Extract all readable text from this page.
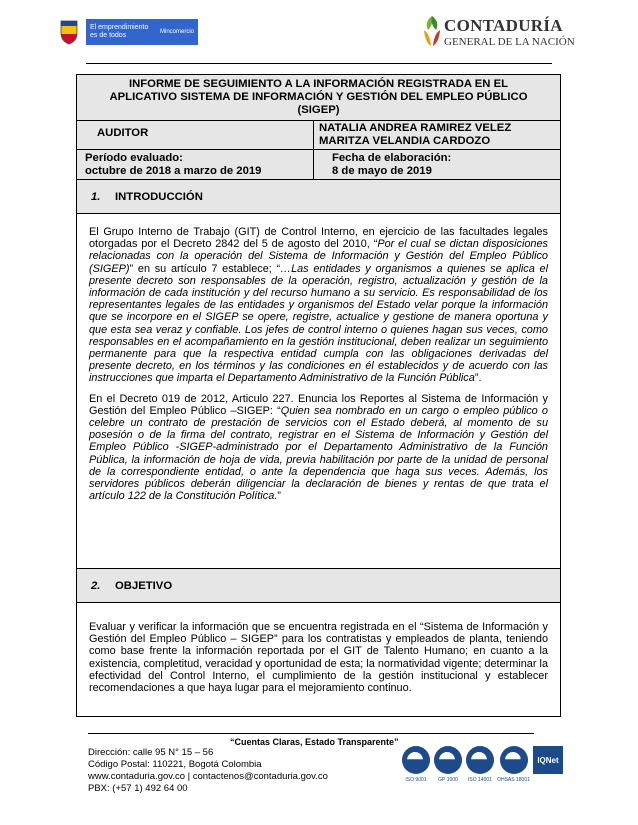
El emprendimiento
es de todos	Mincomercio	CONTADURÍA
GENERAL DE LA NACIÓN
INFORME DE SEGUIMIENTO A LA INFORMACIÓN REGISTRADA EN EL
APLICATIVO SISTEMA DE INFORMACIÓN Y GESTIÓN DEL EMPLEO PÚBLICO
(SIGEP)
AUDITOR	NATALIA ANDREA RAMIREZ VELEZ
MARITZA VELANDIA CARDOZO
Período evaluado:
octubre de 2018 a marzo de 2019
Fecha de elaboración:
8 de mayo de 2019
1.	INTRODUCCIÓN

El Grupo Interno de Trabajo (GIT) de Control Interno, en ejercicio de las facultades legales otorgadas por el Decreto 2842 del 5 de agosto del 2010, “Por el cual se dictan disposiciones relacionadas con la operación del Sistema de Información y Gestión del Empleo Público (SIGEP)” en su artículo 7 establece; “…Las entidades y organismos a quienes se aplica el presente decreto son responsables de la operación, registro, actualización y gestión de la información de cada institución y del recurso humano a su servicio. Es responsabilidad de los representantes legales de las entidades y organismos del Estado velar porque la información que se incorpore en el SIGEP se opere, registre, actualice y gestione de manera oportuna y que esta sea veraz y confiable. Los jefes de control interno o quienes hagan sus veces, como responsables en el acompañamiento en la gestión institucional, deben realizar un seguimiento permanente para que la respectiva entidad cumpla con las obligaciones derivadas del presente decreto, en los términos y las condiciones en él establecidos y de acuerdo con las instrucciones que imparta el Departamento Administrativo de la Función Pública”.

En el Decreto 019 de 2012, Articulo 227. Enuncia los Reportes al Sistema de Información y Gestión del Empleo Público –SIGEP: “Quien sea nombrado en un cargo o empleo público o celebre un contrato de prestación de servicios con el Estado deberá, al momento de su posesión o de la firma del contrato, registrar en el Sistema de Información y Gestión del Empleo Público -SIGEP-administrado por el Departamento Administrativo de la Función Pública, la información de hoja de vida, previa habilitación por parte de la unidad de personal de la correspondiente entidad, o ante la dependencia que haga sus veces. Además, los servidores públicos deberán diligenciar la declaración de bienes y rentas de que trata el artículo 122 de la Constitución Política.”

2.	OBJETIVO

Evaluar y verificar la información que se encuentra registrada en el “Sistema de Información y Gestión del Empleo Público – SIGEP” para los contratistas y empleados de planta, teniendo como base frente la información reportada por el GIT de Talento Humano; en cuanto a la existencia, completitud, veracidad y oportunidad de esta; la normatividad vigente; determinar la efectividad del Control Interno, el cumplimiento de la gestión institucional y establecer recomendaciones a que haya lugar para el mejoramiento continuo.

“Cuentas Claras, Estado Transparente”
Dirección: calle 95 N° 15 – 56
Código Postal: 110221, Bogotá Colombia
www.contaduria.gov.co | contactenos@contaduria.gov.co
PBX: (+57 1) 492 64 00
ISO 9001 GP 1000 ISO 14001 OHSAS 18001
IQNet
